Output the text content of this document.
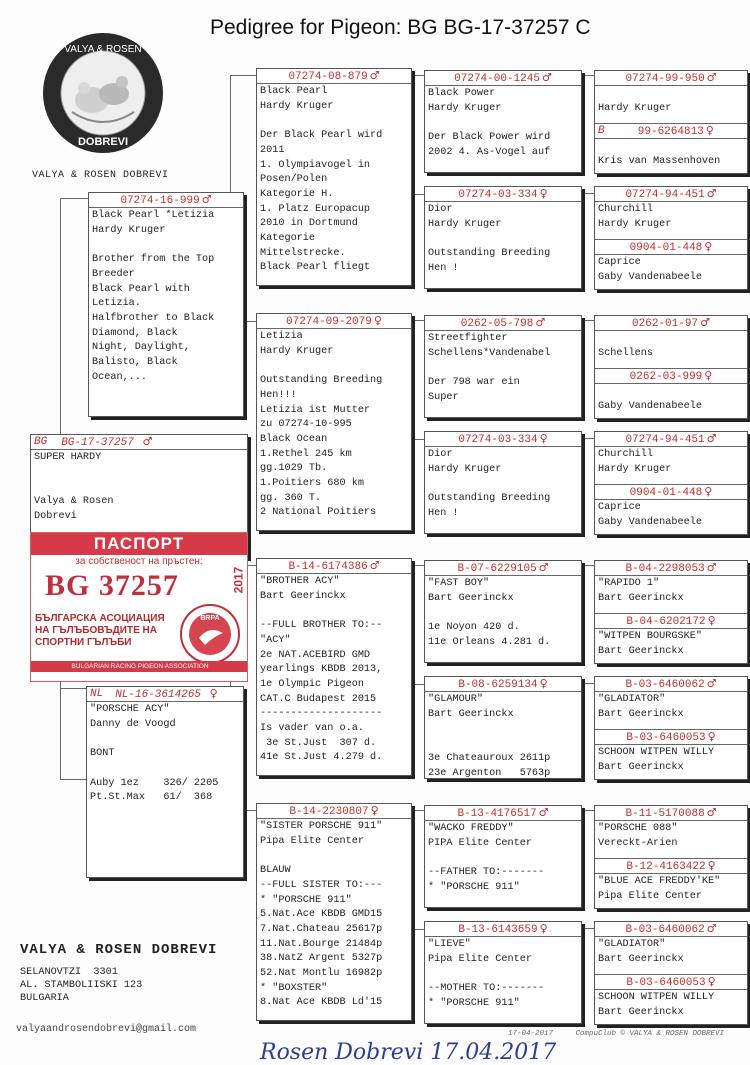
Pedigree for Pigeon: BG BG-17-37257 C
VALYA & ROSEN
DOBREVI
VALYA & ROSEN DOBREVI
BG BG-17-37257 ♂
SUPER HARDY

Valya & Rosen
Dobrevi
ПАСПОРТ
за собственост на пръстен:
BG 37257	2017
БЪЛГАРСКА АСОЦИАЦИЯ
НА ГЪЛЪБОВЪДИТЕ НА
СПОРТНИ ГЪЛЪБИ
BRPA
BULGARIAN RACING PIGEON ASSOCIATION
07274-16-999 ♂
Black Pearl *Letizia
Hardy Kruger

Brother from the Top
Breeder
Black Pearl with
Letizia.
Halfbrother to Black
Diamond, Black
Night, Daylight,
Balisto, Black
Ocean,...
NL NL-16-3614265 ♀
"PORSCHE ACY"
Danny de Voogd

BONT

Auby 1ez    326/ 2205
Pt.St.Max   61/  368
07274-08-879 ♂
Black Pearl
Hardy Kruger

Der Black Pearl wird
2011
1. Olympiavogel in
Posen/Polen
Kategorie H.
1. Platz Europacup
2010 in Dortmund
Kategorie
Mittelstrecke.
Black Pearl fliegt
07274-09-2079 ♀
Letizia
Hardy Kruger

Outstanding Breeding
Hen!!!
Letizia ist Mutter
zu 07274-10-995
Black Ocean
1.Rethel 245 km
gg.1029 Tb.
1.Poitiers 680 km
gg. 360 T.
2 National Poitiers
B-14-6174386 ♂
"BROTHER ACY"
Bart Geerinckx

--FULL BROTHER TO:--
"ACY"
2e NAT.ACEBIRD GMD
yearlings KBDB 2013,
1e Olympic Pigeon
CAT.C Budapest 2015
--------------------
Is vader van o.a.
3e St.Just  307 d.
41e St.Just 4.279 d.
B-14-2230807 ♀
"SISTER PORSCHE 911"
Pipa Elite Center

BLAUW
--FULL SISTER TO:---
* "PORSCHE 911"
5.Nat.Ace KBDB GMD15
7.Nat.Chateau 25617p
11.Nat.Bourge 21484p
38.NatZ Argent 5327p
52.Nat Montlu 16982p
* "BOXSTER"
8.Nat Ace KBDB Ld'15
07274-00-1245 ♂
Black Power
Hardy Kruger

Der Black Power wird
2002 4. As-Vogel auf
07274-03-334 ♀
Dior
Hardy Kruger

Outstanding Breeding
Hen !
0262-05-798 ♂
Streetfighter
Schellens*Vandenabel

Der 798 war ein
Super
07274-03-334 ♀
Dior
Hardy Kruger

Outstanding Breeding
Hen !
B-07-6229105 ♂
"FAST BOY"
Bart Geerinckx

1e Noyon 420 d.
11e Orleans 4.281 d.
B-08-6259134 ♀
"GLAMOUR"
Bart Geerinckx

3e Chateauroux 2611p
23e Argenton   5763p
B-13-4176517 ♂
"WACKO FREDDY"
PIPA Elite Center

--FATHER TO:-------
* "PORSCHE 911"
B-13-6143659 ♀
"LIEVE"
Pipa Elite Center

--MOTHER TO:-------
* "PORSCHE 911"
07274-99-950 ♂

Hardy Kruger
B	99-6264813 ♀

Kris van Massenhoven
07274-94-451 ♂
Churchill
Hardy Kruger
0904-01-448 ♀
Caprice
Gaby Vandenabeele
0262-01-97 ♂

Schellens
0262-03-999 ♀

Gaby Vandenabeele
07274-94-451 ♂
Churchill
Hardy Kruger
0904-01-448 ♀
Caprice
Gaby Vandenabeele
B-04-2298053 ♂
"RAPIDO 1"
Bart Geerinckx
B-04-6202172 ♀
"WITPEN BOURGSKE"
Bart Geerinckx
B-03-6460062 ♂
"GLADIATOR"
Bart Geerinckx
B-03-6460053 ♀
SCHOON WITPEN WILLY
Bart Geerinckx
B-11-5170088 ♂
"PORSCHE 088"
Vereckt-Arien
B-12-4163422 ♀
"BLUE ACE FREDDY'KE"
Pipa Elite Center
B-03-6460062 ♂
"GLADIATOR"
Bart Geerinckx
B-03-6460053 ♀
SCHOON WITPEN WILLY
Bart Geerinckx
VALYA & ROSEN DOBREVI
SELANOVTZI  3301
AL. STAMBOLIISKI 123
BULGARIA
valyaandrosendobrevi@gmail.com	17-04-2017	CompuClub © VALYA & ROSEN DOBREVI
Rosen Dobrevi 17.04.2017
